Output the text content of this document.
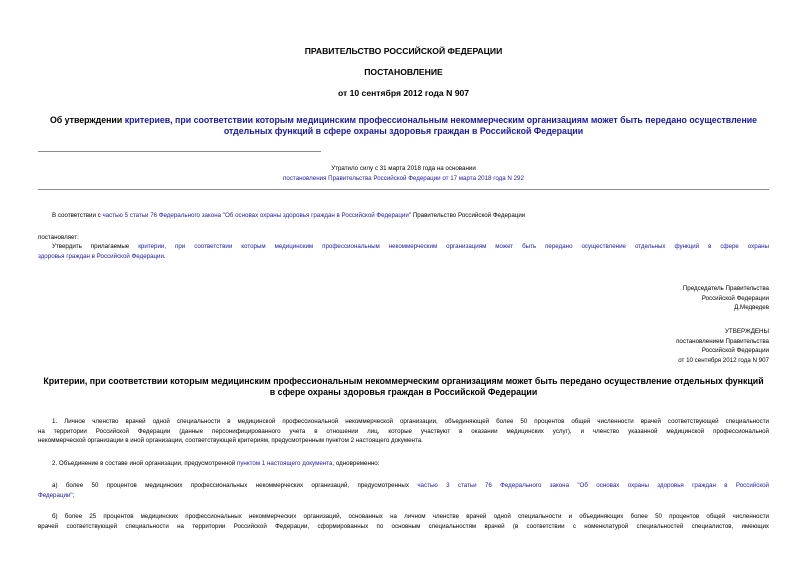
ПРАВИТЕЛЬСТВО РОССИЙСКОЙ ФЕДЕРАЦИИ
ПОСТАНОВЛЕНИЕ
от 10 сентября 2012 года N 907
Об утверждении критериев, при соответствии которым медицинским профессиональным некоммерческим организациям может быть передано осуществление
отдельных функций в сфере охраны здоровья граждан в Российской Федерации
Утратило силу с 31 марта 2018 года на основании
постановления Правительства Российской Федерации от 17 марта 2018 года N 292
В соответствии с частью 5 статьи 76 Федерального закона "Об основах охраны здоровья граждан в Российской Федерации" Правительство Российской Федерации
постановляет:
Утвердить прилагаемые критерии, при соответствии которым медицинским профессиональным некоммерческим организациям может быть передано осуществление отдельных функций в сфере охраны
здоровья граждан в Российской Федерации.
Председатель Правительства
Российской Федерации
Д.Медведев
УТВЕРЖДЕНЫ
постановлением Правительства
Российской Федерации
от 10 сентября 2012 года N 907
Критерии, при соответствии которым медицинским профессиональным некоммерческим организациям может быть передано осуществление отдельных функций
в сфере охраны здоровья граждан в Российской Федерации
1. Личное членство врачей одной специальности в медицинской профессиональной некоммерческой организации, объединяющей более 50 процентов общей численности врачей соответствующей специальности
на территории Российской Федерации (данные персонифицированного учета в отношении лиц, которые участвуют в оказании медицинских услуг), и членство указанной медицинской профессиональной
некоммерческой организации в иной организации, соответствующей критериям, предусмотренным пунктом 2 настоящего документа.
2. Объединение в составе иной организации, предусмотренной пунктом 1 настоящего документа, одновременно:
а) более 50 процентов медицинских профессиональных некоммерческих организаций, предусмотренных частью 3 статьи 76 Федерального закона "Об основах охраны здоровья граждан в Российской
Федерации";
б) более 25 процентов медицинских профессиональных некоммерческих организаций, основанных на личном членстве врачей одной специальности и объединяющих более 50 процентов общей численности
врачей соответствующей специальности на территории Российской Федерации, сформированных по основным специальностям врачей (в соответствии с номенклатурой специальностей специалистов, имеющих
